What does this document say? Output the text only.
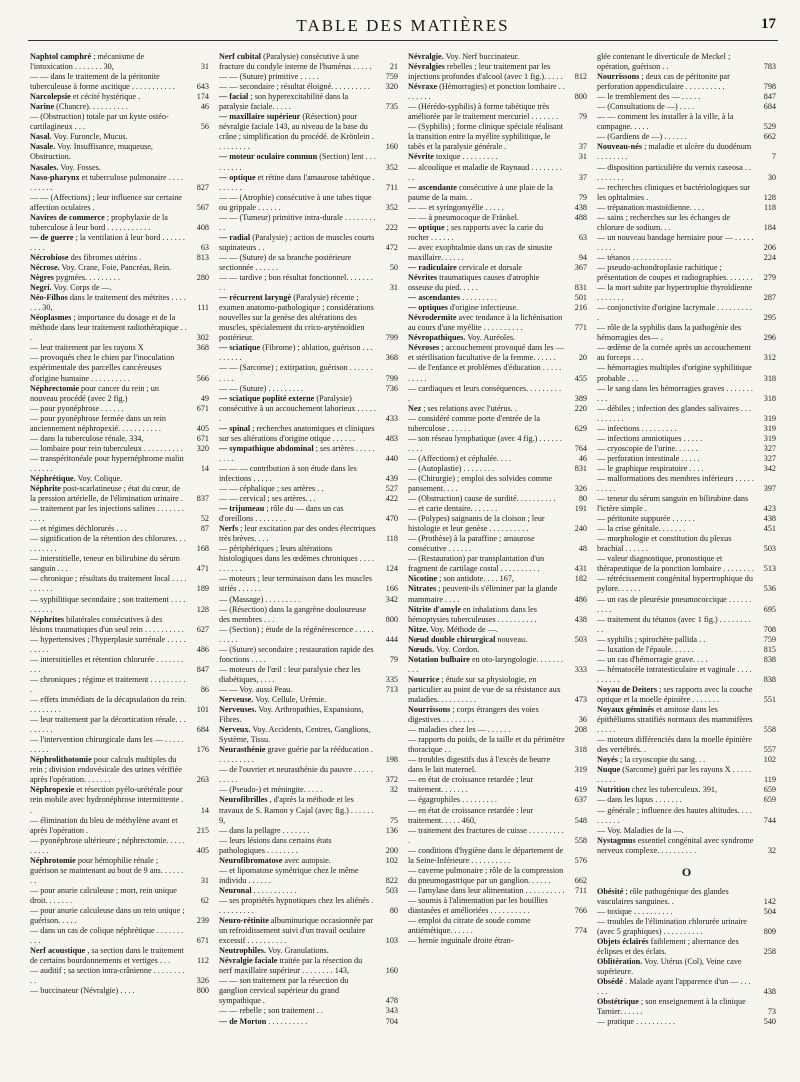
TABLE DES MATIÈRES	17
Naphtol camphré ; mécanisme de l'intoxication . . . . . . . 30,	31
— — dans le traitement de la péritonite tuberculeuse à forme ascitique . . . . . . . . . . .	643
Narcolepsie et cécité hystérique .	174
Narine (Chancre). . . . . . . . . .	46
— (Obstruction) totale par un kyste ostéo-cartilagineux . . .	56
Nasal. Voy. Furoncle, Mucus.
Nasale. Voy. Insuffisance, muqueuse, Obstruction.
Nasales. Voy. Fosses.
Naso-pharynx et tuberculose pulmonaire . . . . . . . . . .	827
— — (Affections) ; leur influence sur certaine affection oculaires .	567
Navires de commerce ; prophylaxie de la tuberculose à leur bord . . . . . . . . . . .	408
— de guerre ; la ventilation à leur bord . . . . . . . . . .	63
Nécrobiose des fibromes utérins .	813
Nécrose. Voy. Crane, Foie, Pancréas, Rein.
Nègres pygmées. . . . . . . . .	280
Negri. Voy. Corps de —.
Néo-Filhos dans le traitement des métrites . . . . . . . 30,	111
Néoplasmes ; importance du dosage et de la méthode dans leur traitement radiothérapique . . .	302
— leur traitement par les rayons X	368
— provoqués chez le chien par l'inoculation expérimentale des parcelles cancéreuses d'origine humaine . . . . . . . . . .	566
Néphrectomie pour cancer du rein ; un nouveau procédé (avec 2 fig.)	49
— pour pyonéphrose . . . . . .	671
— pour pyonéphrose fermée dans un rein anciennement néphropexié. . . . . . . . . . .	405
— dans la tuberculose rénale, 334,	671
— lombaire pour rein tuberculeux . . . . . . . . . . 320
— transpéritonéale pour hypernéphrome malin . . . . . .	14
Néphrétique. Voy. Colique.
Néphrite post-scarlatineuse ; état du cœur, de la pression artérielle, de l'élimination urinaire . 837
— traitement par les injections salines . . . . . . . . . . .	52
— et régimes déchlorurés . . .	87
— signification de la rétention des chlorures. . . . . . . . . .	168
— interstitielle, teneur en bilirubine du sérum sanguin . . .	471
— chronique ; résultats du traitement local . . . . . . . . . .	189
— syphilitique secondaire ; son traitement . . . . . . . . . .	128
Néphrites bilatérales consécutives à des lésions traumatiques d'un seul rein . . . . . . . . . . 627
— hypertensives ; l'hyperplasie surrénale . . . . . . . . . .	486
— interstitielles et rétention chlorurée . . . . . . . . . .	847
— chroniques ; régime et traitement . . . . . . . . . .	86
— effets immédiats de la décapsulation du rein. . . . . . . . .	101
— leur traitement par la décortication rénale. . . . . . . . .	684
— l'intervention chirurgicale dans les — . . . . . . . . . .	176
Néphrolithotomie pour calculs multiples du rein ; division endovésicale des urines vérifiée après l'opération. . . . . . .	263
Néphropexie et résection pyélo-urétérale pour rein mobile avec hydronéphrose intermittente . .	14
— élimination du bleu de méthylène avant et après l'opération .	215
— pyonéphrose ultérieure ; néphrectomie. . . . . . . . . .	405
Néphrotomie pour hémophilie rénale ; guérison se maintenant au bout de 9 ans. . . . . . . .	31
— pour anurie calculeuse ; mort, rein unique droit. . . . . . .	62
— pour anurie calculeuse dans un rein unique ; guérison. . . . .	239
— dans un cas de colique néphrétique . . . . . . . . . .	671
Nerf acoustique , sa section dans le traitement de certains bourdonnements et vertiges . . .	112
— auditif ; sa section intra-crânienne . . . . . . . . . .	326
— buccinateur (Névralgie) . . . .	800
Nerf cubital (Paralysie) consécutive à une fracture du condyle interne de l'humérus . . . . . 21
— — (Suture) primitive . . . . .	759
— — secondaire ; résultat éloigné. . . . . . . . . . 320
— facial ; son hyperexcitabilité dans la paralysie faciale. . . . .	735
— maxillaire supérieur (Résection) pour névralgie faciale 143, au niveau de la base du crâne ; simplification du procédé. de Krönlein . . . . . . . . .	160
— moteur oculaire commun (Section) lent . . . . . . . . .	352
— optique et rétine dans l'amaurose tabétique . . . . . . .	711
— — (Atrophie) consécutive à une tabes tique ou grippale . . . . . .	352
— — (Tumeur) primitive intra-durale . . . . . . . . . .	222
— radial (Paralysie) ; action de muscles courts supinateurs . .	472
— — (Suture) de sa branche postérieure sectionnée . . . . . .	50
— — tardive ; bon résultat fonctionnel. . . . . . . . .	31
— récurrent laryngé (Paralysie) récente ; examen anatomo-pathologique ; considérations nouvelles sur la genèse des altérations des muscles, spécialement du crico-aryténoïdien postérieur.	799
— sciatique (Fibrome) ; ablation, guérison . . . . . . . . .	368
— — (Sarcome) ; extirpation, guérison . . . . . . . . . .	799
— — (Suture) . . . . . . . . .	736
— sciatique poplité externe (Paralysie) consécutive à un accouchement laborieux . . . . . .	433
— spinal ; recherches anatomiques et cliniques sur ses altérations d'origine otique . . . . . .	483
— sympathique abdominal ; ses artères . . . . . . . . .	440
— — — contribution à son étude dans les infections . . . . .	439
— — céphalique ; ses artères . .	527
— — cervical ; ses artères. . .	422
— trijumeau ; rôle du — dans un cas d'oreillons . . . . . . . .	470
Nerfs ; leur excitation par des ondes électriques très brèves. . . .	118
— périphériques ; leurs altérations histologiques dans les œdèmes chroniques . . . . . . . . . .	124
— moteurs ; leur terminaison dans les muscles striés . . . . . .	166
— (Massage) . . . . . . . . .	342
— (Résection) dans la gangrène douloureuse des membres . . .	800
— (Section) ; étude de la régénérescence . . . . . . . . . .	444
— (Suture) secondaire ; restauration rapide des fonctions . . . .	79
— moteurs de l'œil : leur paralysie chez les diabétiques, . . . .	335
— — Voy. aussi Peau.	713
Nerveuse. Voy. Cellule, Urémie.
Nerveuses. Voy. Arthropathies, Expansions, Fibres.
Nerveux. Voy. Accidents, Centres, Ganglions, Système, Tissu.
Neurasthénie grave guérie par la rééducation . . . . . . . . . .	198
— de l'ouvrier et neurasthénie du pauvre . . . . . . . . . .	372
— (Pseudo-) et méningite. . . . .	32
Neurofibrilles , d'après la méthode et les travaux de S. Ramon y Cajal (avec fig.) . . . . . . 9,	75
— dans la pellagre . . . . . . .	136
— leurs lésions dans certains états pathologiques . . . . . . . .	200
Neurofibromatose avec autopsie.	102
— et lipomatose symétrique chez le même individu . . . . . .	822
Neuronal . . . . . . . . . . .	503
— ses propriétés hypnotiques chez les aliénés . . . . . . . . . .	80
Neuro-rétinite albuminurique occasionnée par un refroidissement suivi d'un travail oculaire excessif . . . . . . . . . .	103
Neutrophiles. Voy. Granulations.
Névralgie faciale traitée par la résection du nerf maxillaire supérieur . . . . . . . . 143,	160
— — son traitement par la résection du ganglion cervical supérieur du grand sympathique .	478
— — rebelle ; son traitement . .	343
— de Morton . . . . . . . . . .	704
Névralgie. Voy. Nerf buccinateur.
Névralgies rebelles ; leur traitement par les injections profondes d'alcool (avec 1 fig.). . . . . 812
Névraxe (Hémorragies) et ponction lombaire . . . . . . . .	800
— (Hérédo-syphilis) à forme tabétique très améliorée par le traitement mercuriel . . . . . . .	79
— (Syphilis) ; forme clinique spéciale réalisant la transition entre la myélite syphilitique, le tabès et la paralysie générale .	37
Névrite toxique . . . . . . . . .	31
— alcoolique et maladie de Raynaud . . . . . . . . . .	37
— ascendante consécutive à une plaie de la paume de la main. .	79
— — et syringomyélie . . . . .	438
— — à pneumocoque de Fränkel.	488
— optique ; ses rapports avec la carie du rocher . . . . . .	63
— avec exophtalmie dans un cas de sinusite maxillaire. . . . . .	94
— radiculaire cervicale et dorsale	367
Névrites traumatiques causes d'atrophie osseuse du pied. . . . .	831
— ascendantes . . . . . . . . .	501
— optiques d'origine infectieuse.	216
Névrodermite avec tendance à la lichénisation au cours d'une myélite . . . . . . . . . .	771
Névropathiques. Voy. Auréoles.
Névroses ; accouchement provoqué dans les — et stérilisation facultative de la femme. . . . . .	20
— de l'enfance et problèmes d'éducation . . . . . . . . . .	455
— cardiaques et leurs conséquences. . . . . . . . . .	389
Nez ; ses relations avec l'utérus. .	220
— considéré comme porte d'entrée de la tuberculose . . . . . .	629
— son réseau lymphatique (avec 4 fig.) . . . . . . . . . .	764
— (Affections) et céphalée. . . .	46
— (Autoplastie) . . . . . . . .	831
— (Chirurgie) ; emploi des solvides comme pansement. . . .	326
— (Obstruction) cause de surdité. . . . . . . . . .	80
— et carie dentaire. . . . . . .	191
— (Polypes) saignants de la cloison ; leur histologie et leur genèse . . . . . . . . . .	240
— (Prothèse) à la paraffine ; amaurose consécutive . . . . . .	48
— (Restauration) par transplantation d'un fragment de cartilage costal . . . . . . . . . .	431
Nicotine ; son antidote. . . . 167,	182
Nitrates ; peuvent-ils s'éliminer par la glande mammaire . . . .	486
Nitrite d'amyle en inhalations dans les hémoptysies tuberculeuses . . . . . . . . . .	438
Nitze. Voy. Méthode de —.
Nœud double chirurgical nouveau.	503
Nœuds. Voy. Cordon.
Notation bulbaire en oto-laryngologie. . . . . . . . . .	333
Nourrice ; étude sur sa physiologie, en particulier au point de vue de sa résistance aux maladies. . . . . . . . . .	473
Nourrissons ; corps étrangers des voies digestives . . . . . . . .	36
— maladies chez les — . . . . . .	208
— rapports du poids, de la taille et du périmètre thoracique . .	318
— troubles digestifs dus à l'excès de beurre dans le lait maternel.	319
— en état de croissance retardée ; leur traitement. . . . . . .	419
— égagrophiles . . . . . . . . .	637
— en état de croissance retardée : leur traitement. . . . . 460,	548
— traitement des fractures de cuisse . . . . . . . . . .	558
— conditions d'hygiène dans le département de la Seine-Inférieure . . . . . . . . . .	576
— caverne pulmonaire ; rôle de la compression du pneumogastrique par un ganglion. . . . . .	662
— l'amylase dans leur alimentation . . . . . . . . . . 711
— soumis à l'alimentation par les bouillies diastasées et amélioriées . . . . . . . . . .	766
— emploi du citrate de soude comme antiémétique. . . . . .	774
— hernie inguinale droite étran-
glée contenant le diverticule de Meckel ; opération, guérison . .	783
Nourrissons ; deux cas de péritonite par perforation appendiculaire . . . . . . . . . .	798
— le tremblement des — . . . . .	847
— (Consultations de —) . . . .	684
— — comment les installer à la ville, à la campagne. . . . .	529
— (Gardiens de —) . . . . . .	662
Nouveau-nés ; maladie et ulcère du duodénum . . . . . . . .	7
— disposition particulière du vernix caseosa . . . . . . . . .	30
— recherches cliniques et bactériologiques sur les ophtalmies .	128
— trépanation mastoïdienne. . . .	118
— sains ; recherches sur les échanges de chlorure de sodium. . .	184
— un nouveau bandage herniaire pour — . . . . . . . . . .	206
— tétanos . . . . . . . . . .	224
— pseudo-achondroplasie rachitique ; présentation de coupes et radiographies. . . . . . . 279
— la mort subite par hypertrophie thyroïdienne . . . . . . .	287
— conjonctivite d'origine lacrymale . . . . . . . . . .	295
— rôle de la syphilis dans la pathogénie des hémorragies des— .	296
— œdème de la cornée après un accouchement au forceps . . .	312
— hémorragies multiples d'origine syphilitique probable . . .	318
— le sang dans les hémorragies graves . . . . . . . . . .	318
— débiles ; infection des glandes salivaires . . . . . . . . . .	319
— infections . . . . . . . . .	319
— infections amniotiques . . . . .	319
— cryoscopie de l'urine. . . . . .	327
— perforation intestinale . . . . .	327
— le graphique respiratoire . . . .	342
— malformations des membres inférieurs . . . . . . . . . .	397
— teneur du sérum sanguin en bilirubine dans l'ictère simple .	423
— péritonite suppurée . . . . . .	438
— la crise génitale. . . . . . .	451
— morphologie et constitution du plexus brachial . . . . . .	503
— valeur diagnostique, pronostique et thérapeutique de la ponction lombaire . . . . . . . . 513
— rétrécissement congénital hypertrophique du pylore. . . . . .	536
— un cas de pleurésie pneumococcique . . . . . . . . . .	695
— traitement du tétanos (avec 1 fig.) . . . . . . . . . .	708
— syphilis ; spirochète pallida . .	759
— luxation de l'épaule. . . . . .	815
— un cas d'hémorragie grave. . . .	838
— hématocèle intratesticulaire et vaginale . . . . . . . . . .	838
Noyau de Deiters ; ses rapports avec la couche optique et la moelle épinière . . . . . . .	551
Noyaux géminés et amitose dans les épithéliums stratifiés normaux des mammifères . . . . .	558
— moteurs différenciés dans la moelle épinière des vertébrés. .	557
Noyés ; la cryoscopie du sang. . .	102
Nuque (Sarcome) guéri par les rayons X . . . . . . . . . .	119
Nutrition chez les tuberculeux. 391,	659
— dans les lupus . . . . . . .	659
— générale ; influence des hautes altitudes. . . . . . . . . .	744
— Voy. Maladies de la —.
Nystagmus essentiel congénital avec syndrome nerveux complexe. . . . . . . . . .	32
O
Obésité ; rôle pathogénique des glandes vasculaires sanguines. .	142
— toxique . . . . . . . . . .	504
— troubles de l'élimination chlorurée urinaire (avec 5 graphiques) . . . . . . . . . .	809
Objets éclairés faiblement ; alternance des éclipses et des éclats.	258
Oblitération. Voy. Utérus (Col), Veine cave supérieure.
Obsédé . Malade ayant l'apparence d'un — . . . . . .	438
Obstétrique ; son enseignement à la clinique Tarnier. . . . . .	73
— pratique . . . . . . . . . .	540
